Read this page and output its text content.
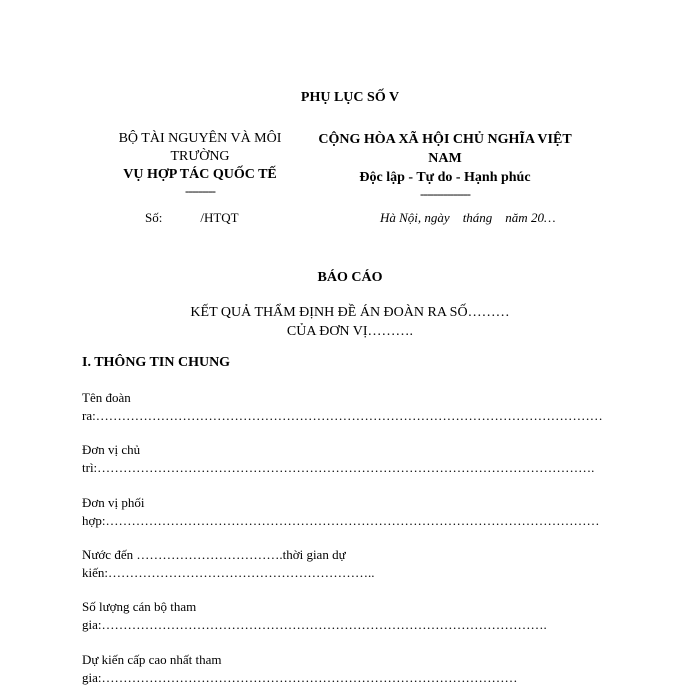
PHỤ LỤC SỐ V
BỘ TÀI NGUYÊN VÀ MÔI
TRƯỜNG
VỤ HỢP TÁC QUỐC TẾ
---------
CỘNG HÒA XÃ HỘI CHỦ NGHĨA VIỆT
NAM
Độc lập - Tự do - Hạnh phúc
---------------
Số:	/HTQT	Hà Nội, ngày    tháng    năm 20…
BÁO CÁO
KẾT QUẢ THẨM ĐỊNH ĐỀ ÁN ĐOÀN RA SỐ………
CỦA ĐƠN VỊ……….
I. THÔNG TIN CHUNG
Tên đoàn
ra:………………………………………………………………………………………………………
Đơn vị chủ
trì:…………………………………………………………………………………………………….
Đơn vị phối
hợp:……………………………………………………………………………………………………
Nước đến …………………………….thời gian dự
kiến:……………………………………………………..
Số lượng cán bộ tham
gia:………………………………………………………………………………………….
Dự kiến cấp cao nhất tham
gia:……………………………………………………………………………………
